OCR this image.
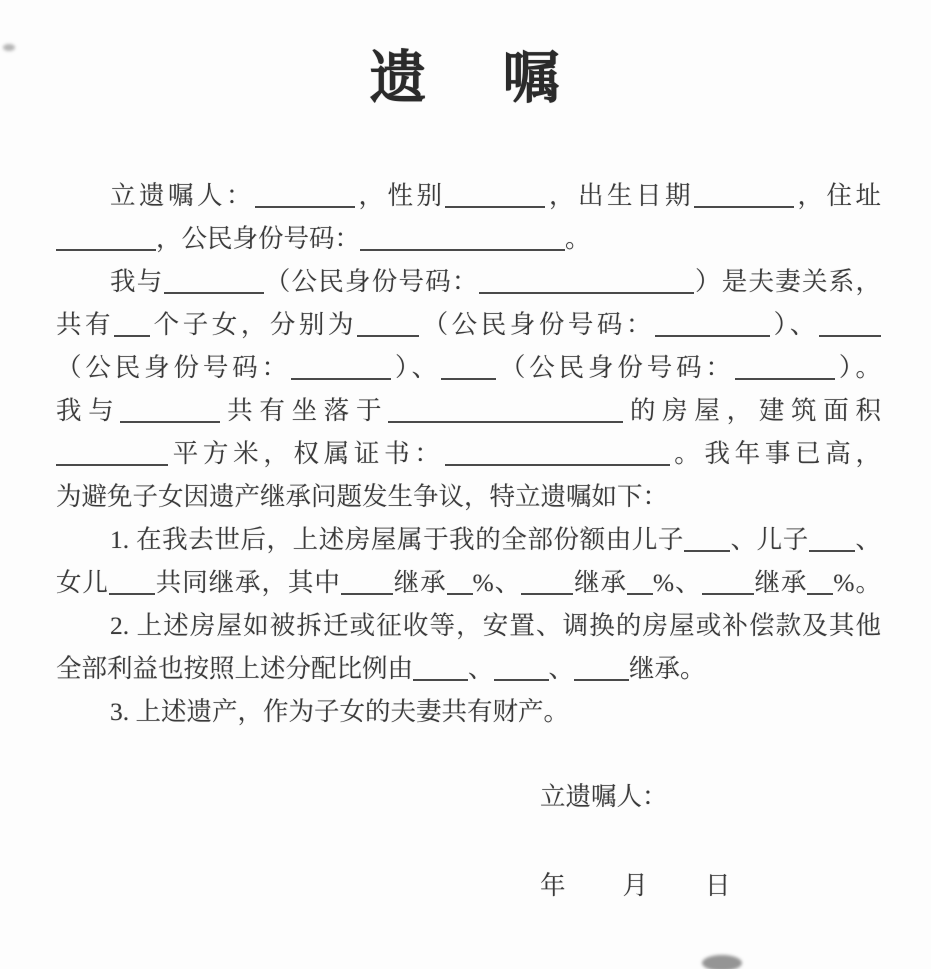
遗 嘱
立遗嘱人：	，性别	，出生日期	，住址
，公民身份号码：	。
我与	（公民身份号码：	）是夫妻关系，
共有 个子女，分别为 （公民身份号码：	）、
（公民身份号码：	）、 （公民身份号码：	）。
我与	共有坐落于	的房屋，建筑面积
平方米，权属证书：	。我年事已高，
为避免子女因遗产继承问题发生争议，特立遗嘱如下：
1. 在我去世后，上述房屋属于我的全部份额由儿子 、儿子 、
女儿 共同继承，其中 继承 %、 继承 %、 继承 %。
2. 上述房屋如被拆迁或征收等，安置、调换的房屋或补偿款及其他
全部利益也按照上述分配比例由 、 、 继承。
3. 上述遗产，作为子女的夫妻共有财产。
立遗嘱人：
年 月 日
